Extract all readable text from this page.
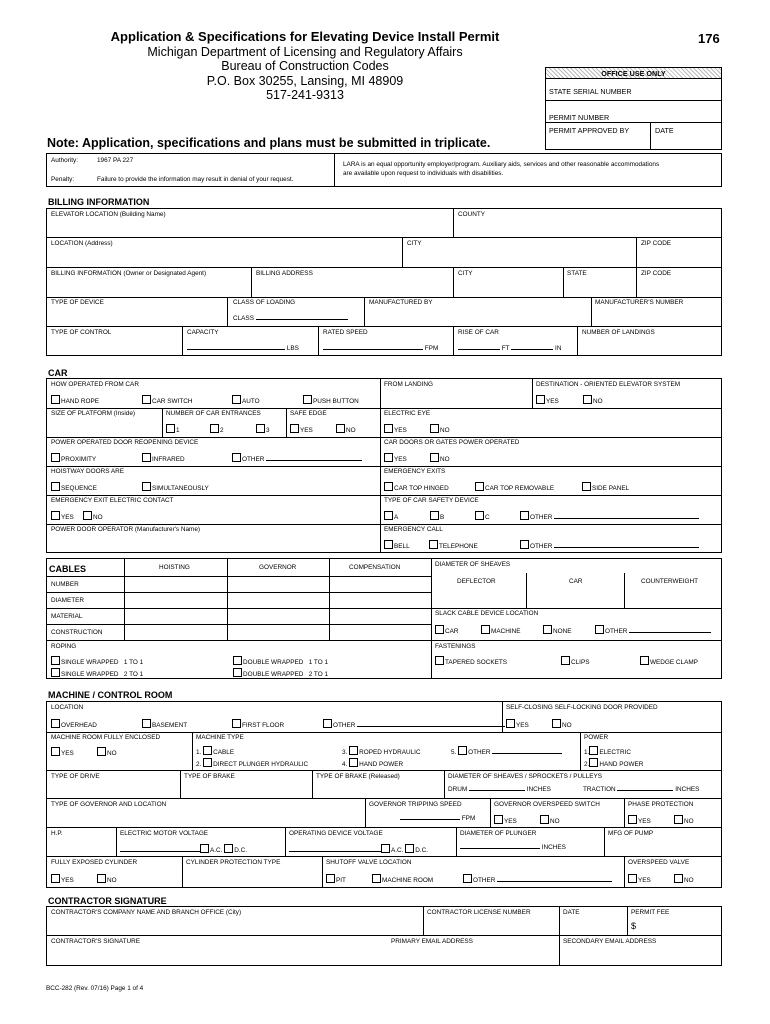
Application & Specifications for Elevating Device Install Permit
Michigan Department of Licensing and Regulatory Affairs
Bureau of Construction Codes
P.O. Box 30255, Lansing, MI 48909
517-241-9313
176
OFFICE USE ONLY
STATE SERIAL NUMBER
PERMIT NUMBER
PERMIT APPROVED BY	DATE
Note: Application, specifications and plans must be submitted in triplicate.
Authority:	1967 PA 227
Penalty:	Failure to provide the information may result in denial of your request.
LARA is an equal opportunity employer/program. Auxiliary aids, services and other reasonable accommodations
are available upon request to individuals with disabilities.
BILLING INFORMATION
ELEVATOR LOCATION (Building Name)	COUNTY
LOCATION (Address)	CITY	ZIP CODE
BILLING INFORMATION (Owner or Designated Agent)	BILLING ADDRESS	CITY	STATE	ZIP CODE
TYPE OF DEVICE	CLASS OF LOADING
CLASS
MANUFACTURED BY	MANUFACTURER'S NUMBER
TYPE OF CONTROL	CAPACITY
LBS
RATED SPEED
FPM
RISE OF CAR
FT	IN
NUMBER OF LANDINGS
CAR
HOW OPERATED FROM CAR
HAND ROPE	CAR SWITCH	AUTO	PUSH BUTTON
FROM LANDING	DESTINATION - ORIENTED ELEVATOR SYSTEM
YES	NO
SIZE OF PLATFORM (Inside)	NUMBER OF CAR ENTRANCES
1	2	3
SAFE EDGE
YES	NO
ELECTRIC EYE
YES	NO
POWER OPERATED DOOR REOPENING DEVICE
PROXIMITY	INFRARED	OTHER
CAR DOORS OR GATES POWER OPERATED
YES	NO
HOISTWAY DOORS ARE
SEQUENCE	SIMULTANEOUSLY
EMERGENCY EXITS
CAR TOP HINGED	CAR TOP REMOVABLE	SIDE PANEL
EMERGENCY EXIT ELECTRIC CONTACT
YES	NO
TYPE OF CAR SAFETY DEVICE
A	B	C	OTHER
POWER DOOR OPERATOR (Manufacturer's Name)	EMERGENCY CALL
BELL	TELEPHONE	OTHER
CABLES	HOISTING	GOVERNOR	COMPENSATION	DIAMETER OF SHEAVES
DEFLECTOR	CAR	COUNTERWEIGHT
NUMBER
DIAMETER
MATERIAL
CONSTRUCTION
SLACK CABLE DEVICE LOCATION
CAR	MACHINE	NONE	OTHER
ROPING
SINGLE WRAPPED 1 TO 1
SINGLE WRAPPED 2 TO 1
DOUBLE WRAPPED 1 TO 1
DOUBLE WRAPPED 2 TO 1
FASTENINGS
TAPERED SOCKETS	CLIPS	WEDGE CLAMP
MACHINE / CONTROL ROOM
LOCATION
OVERHEAD	BASEMENT	FIRST FLOOR	OTHER
SELF-CLOSING SELF-LOCKING DOOR PROVIDED
YES	NO
MACHINE ROOM FULLY ENCLOSED
YES	NO
MACHINE TYPE
1. CABLE
2. DIRECT PLUNGER HYDRAULIC
3. ROPED HYDRAULIC
4. HAND POWER
5. OTHER
POWER
1. ELECTRIC
2. HAND POWER
TYPE OF DRIVE	TYPE OF BRAKE	TYPE OF BRAKE (Released)	DIAMETER OF SHEAVES / SPROCKETS / PULLEYS
DRUM	INCHES	TRACTION	INCHES
TYPE OF GOVERNOR AND LOCATION	GOVERNOR TRIPPING SPEED
FPM
GOVERNOR OVERSPEED SWITCH
YES	NO
PHASE PROTECTION
YES	NO
H.P.	ELECTRIC MOTOR VOLTAGE
A.C. D.C.
OPERATING DEVICE VOLTAGE
A.C. D.C.
DIAMETER OF PLUNGER
INCHES
MFG OF PUMP
FULLY EXPOSED CYLINDER
YES	NO
CYLINDER PROTECTION TYPE	SHUTOFF VALVE LOCATION
PIT	MACHINE ROOM	OTHER
OVERSPEED VALVE
YES	NO
CONTRACTOR SIGNATURE
CONTRACTOR'S COMPANY NAME AND BRANCH OFFICE (City)	CONTRACTOR LICENSE NUMBER	DATE	PERMIT FEE
$
CONTRACTOR'S SIGNATURE	PRIMARY EMAIL ADDRESS	SECONDARY EMAIL ADDRESS
BCC-282 (Rev. 07/16) Page 1 of 4
